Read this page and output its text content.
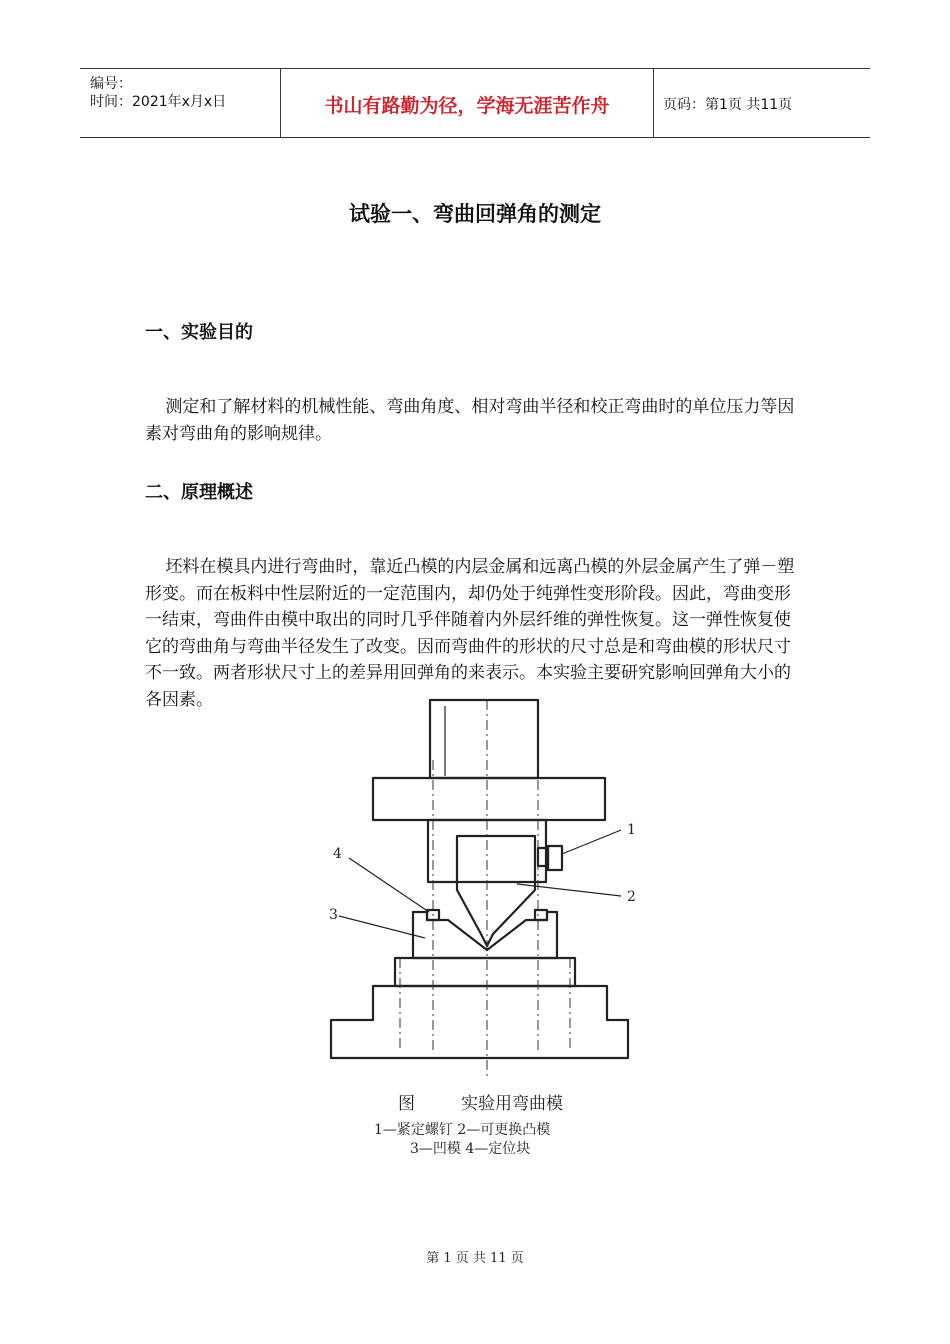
编号：
时间：2021年x月x日	书山有路勤为径，学海无涯苦作舟	页码：第1页 共11页
试验一、弯曲回弹角的测定
一、实验目的

测定和了解材料的机械性能、弯曲角度、相对弯曲半径和校正弯曲时的单位压力等因素对弯曲角的影响规律。

二、原理概述

坯料在模具内进行弯曲时，靠近凸模的内层金属和远离凸模的外层金属产生了弹－塑形变。而在板料中性层附近的一定范围内，却仍处于纯弹性变形阶段。因此，弯曲变形一结束，弯曲件由模中取出的同时几乎伴随着内外层纤维的弹性恢复。这一弹性恢复使它的弯曲角与弯曲半径发生了改变。因而弯曲件的形状的尺寸总是和弯曲模的形状尺寸不一致。两者形状尺寸上的差异用回弹角的来表示。本实验主要研究影响回弹角大小的各因素。

1
2
3
4
图	实验用弯曲模
1—紧定螺钉 2—可更换凸模
3—凹模 4—定位块
第 1 页 共 11 页
